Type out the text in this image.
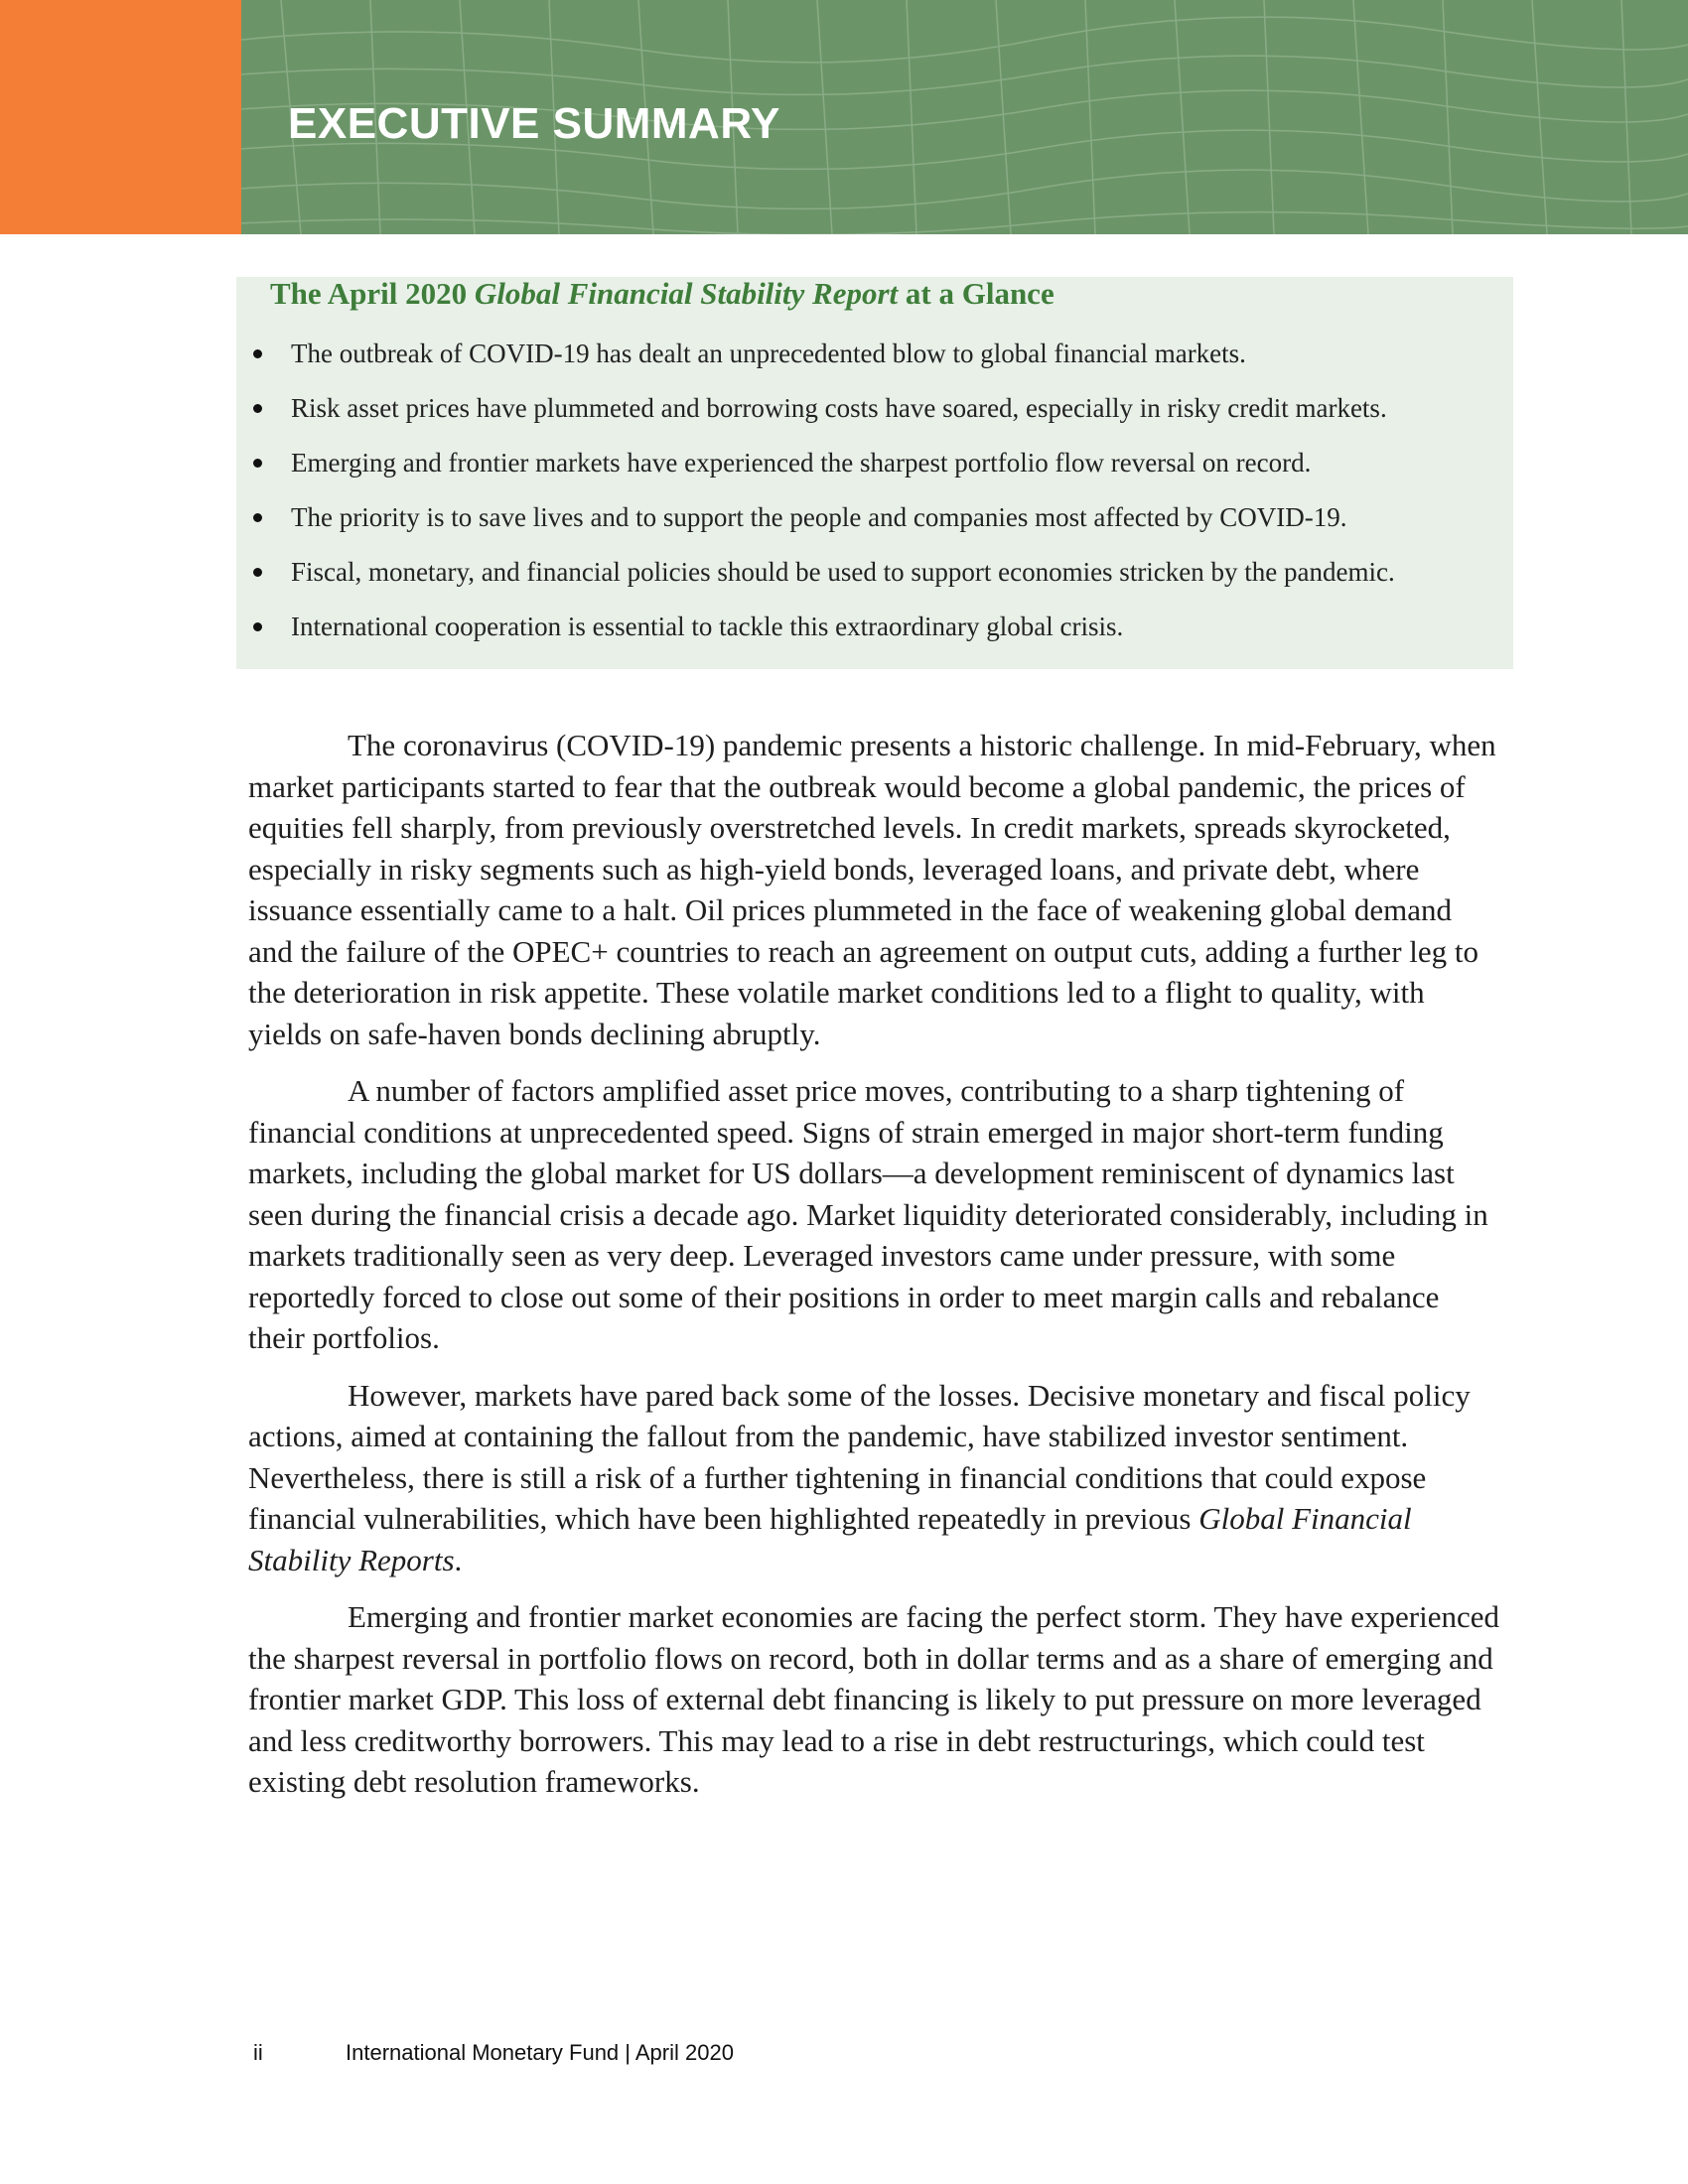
EXECUTIVE SUMMARY
The April 2020 Global Financial Stability Report at a Glance
The outbreak of COVID-19 has dealt an unprecedented blow to global financial markets.
Risk asset prices have plummeted and borrowing costs have soared, especially in risky credit markets.
Emerging and frontier markets have experienced the sharpest portfolio flow reversal on record.
The priority is to save lives and to support the people and companies most affected by COVID-19.
Fiscal, monetary, and financial policies should be used to support economies stricken by the pandemic.
International cooperation is essential to tackle this extraordinary global crisis.

The coronavirus (COVID-19) pandemic presents a historic challenge. In mid-February, when market participants started to fear that the outbreak would become a global pandemic, the prices of equities fell sharply, from previously overstretched levels. In credit markets, spreads skyrocketed, especially in risky segments such as high-yield bonds, leveraged loans, and private debt, where issuance essentially came to a halt. Oil prices plummeted in the face of weakening global demand and the failure of the OPEC+ countries to reach an agreement on output cuts, adding a further leg to the deterioration in risk appetite. These volatile market conditions led to a flight to quality, with yields on safe-haven bonds declining abruptly.

A number of factors amplified asset price moves, contributing to a sharp tightening of financial conditions at unprecedented speed. Signs of strain emerged in major short-term funding markets, including the global market for US dollars—a development reminiscent of dynamics last seen during the financial crisis a decade ago. Market liquidity deteriorated considerably, including in markets traditionally seen as very deep. Leveraged investors came under pressure, with some reportedly forced to close out some of their positions in order to meet margin calls and rebalance their portfolios.

However, markets have pared back some of the losses. Decisive monetary and fiscal policy actions, aimed at containing the fallout from the pandemic, have stabilized investor sentiment. Nevertheless, there is still a risk of a further tightening in financial conditions that could expose financial vulnerabilities, which have been highlighted repeatedly in previous Global Financial Stability Reports.

Emerging and frontier market economies are facing the perfect storm. They have experienced the sharpest reversal in portfolio flows on record, both in dollar terms and as a share of emerging and frontier market GDP. This loss of external debt financing is likely to put pressure on more leveraged and less creditworthy borrowers. This may lead to a rise in debt restructurings, which could test existing debt resolution frameworks.

ii	International Monetary Fund | April 2020
